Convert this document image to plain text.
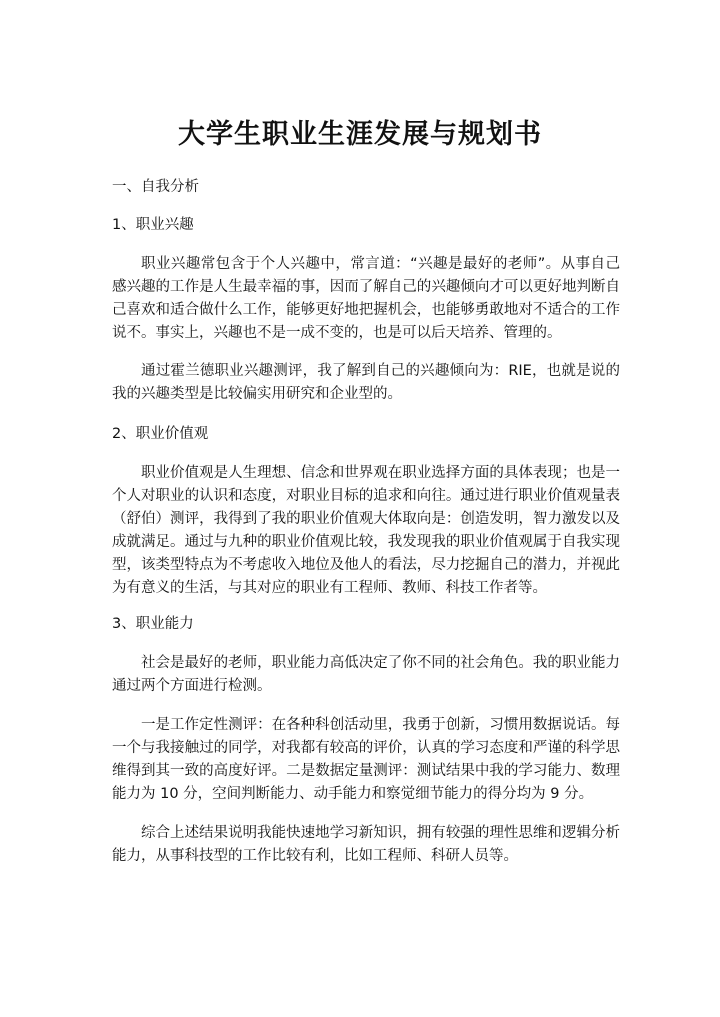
大学生职业生涯发展与规划书

一、自我分析

1、职业兴趣

职业兴趣常包含于个人兴趣中，常言道：“兴趣是最好的老师”。从事自己感兴趣的工作是人生最幸福的事，因而了解自己的兴趣倾向才可以更好地判断自己喜欢和适合做什么工作，能够更好地把握机会，也能够勇敢地对不适合的工作说不。事实上，兴趣也不是一成不变的，也是可以后天培养、管理的。

通过霍兰德职业兴趣测评，我了解到自己的兴趣倾向为：RIE，也就是说的我的兴趣类型是比较偏实用研究和企业型的。

2、职业价值观

职业价值观是人生理想、信念和世界观在职业选择方面的具体表现；也是一个人对职业的认识和态度，对职业目标的追求和向往。通过进行职业价值观量表（舒伯）测评，我得到了我的职业价值观大体取向是：创造发明，智力激发以及成就满足。通过与九种的职业价值观比较，我发现我的职业价值观属于自我实现型，该类型特点为不考虑收入地位及他人的看法，尽力挖掘自己的潜力，并视此为有意义的生活，与其对应的职业有工程师、教师、科技工作者等。

3、职业能力

社会是最好的老师，职业能力高低决定了你不同的社会角色。我的职业能力通过两个方面进行检测。

一是工作定性测评：在各种科创活动里，我勇于创新，习惯用数据说话。每一个与我接触过的同学，对我都有较高的评价，认真的学习态度和严谨的科学思维得到其一致的高度好评。二是数据定量测评：测试结果中我的学习能力、数理能力为 10 分，空间判断能力、动手能力和察觉细节能力的得分均为 9 分。

综合上述结果说明我能快速地学习新知识，拥有较强的理性思维和逻辑分析能力，从事科技型的工作比较有利，比如工程师、科研人员等。
